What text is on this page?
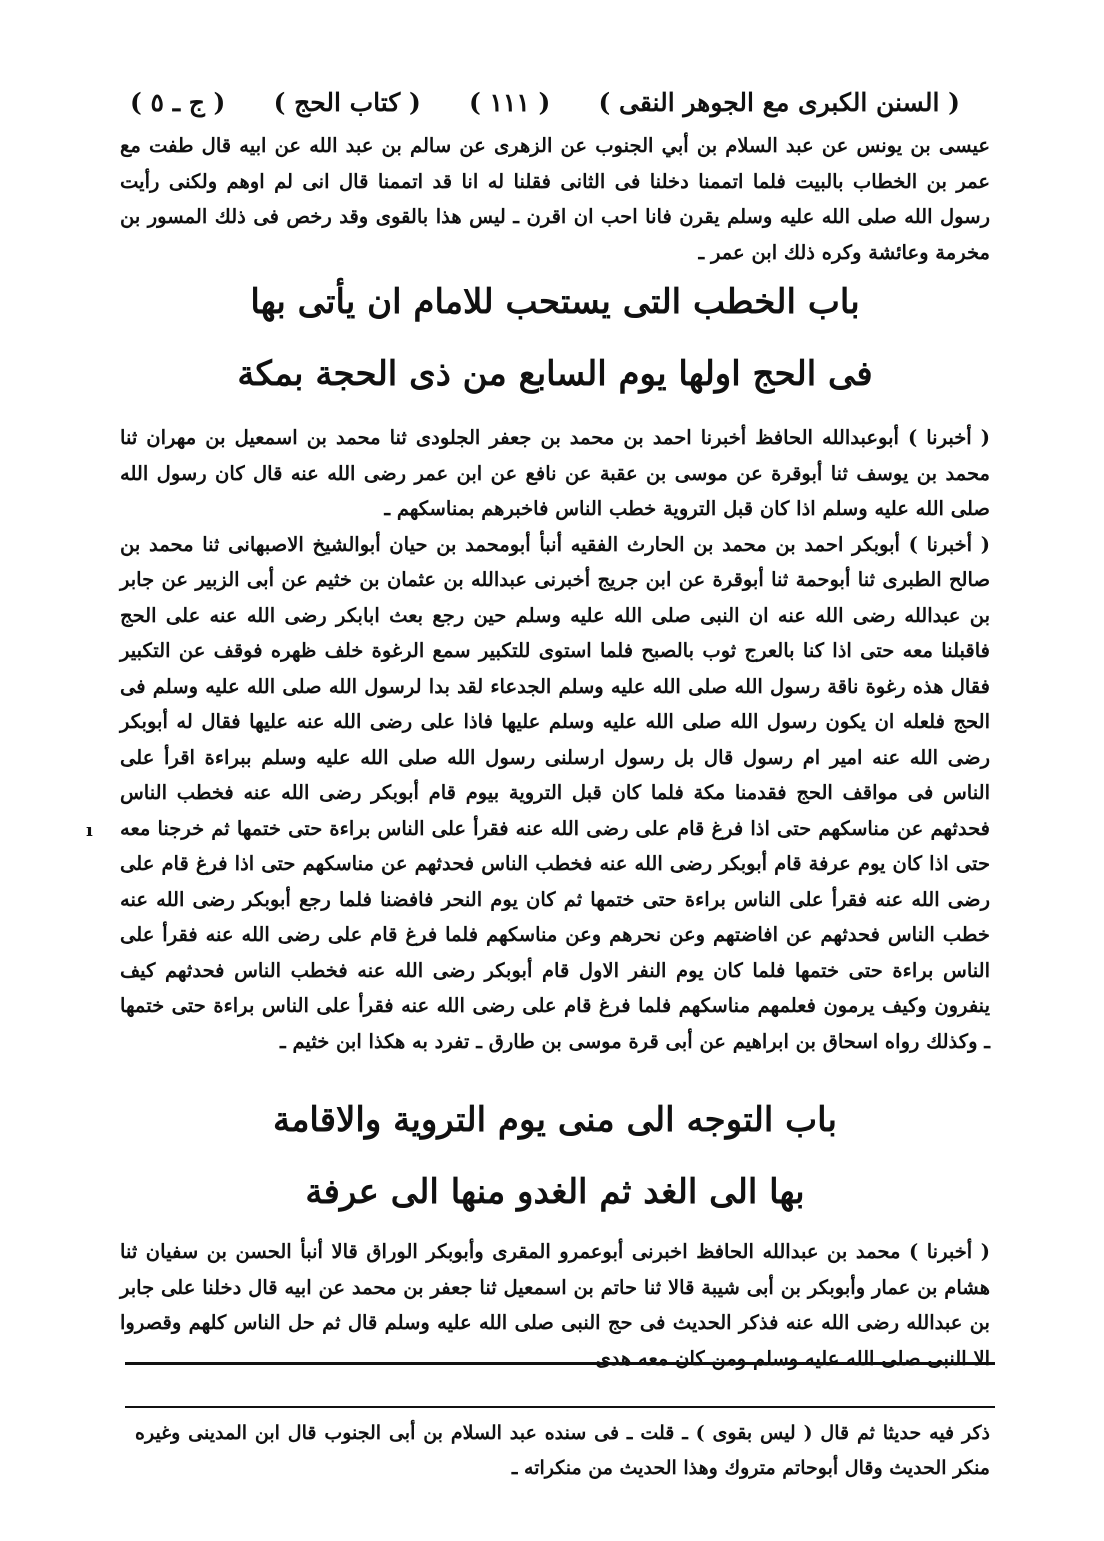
( السنن الكبرى مع الجوهر النقى )
( ١١١ )
( كتاب الحج )
( ج ـ ٥ )

عيسى بن يونس عن عبد السلام بن أبي الجنوب عن الزهرى عن سالم بن عبد الله عن ابيه قال طفت مع عمر بن الخطاب بالبيت فلما اتممنا دخلنا فى الثانى فقلنا له انا قد اتممنا قال انى لم اوهم ولكنى رأيت رسول الله صلى الله عليه وسلم يقرن فانا احب ان اقرن ـ ليس هذا بالقوى وقد رخص فى ذلك المسور بن مخرمة وعائشة وكره ذلك ابن عمر ـ

باب الخطب التى يستحب للامام ان يأتى بها
فى الحج اولها يوم السابع من ذى الحجة بمكة

( أخبرنا ) أبوعبدالله الحافظ أخبرنا احمد بن محمد بن جعفر الجلودى ثنا محمد بن اسمعيل بن مهران ثنا محمد بن يوسف ثنا أبوقرة عن موسى بن عقبة عن نافع عن ابن عمر رضى الله عنه قال كان رسول الله صلى الله عليه وسلم اذا كان قبل التروية خطب الناس فاخبرهم بمناسكهم ـ

( أخبرنا ) أبوبكر احمد بن محمد بن الحارث الفقيه أنبأ أبومحمد بن حيان أبوالشيخ الاصبهانى ثنا محمد بن صالح الطبرى ثنا أبوحمة ثنا أبوقرة عن ابن جريج أخبرنى عبدالله بن عثمان بن خثيم عن أبى الزبير عن جابر بن عبدالله رضى الله عنه ان النبى صلى الله عليه وسلم حين رجع بعث ابابكر رضى الله عنه على الحج فاقبلنا معه حتى اذا كنا بالعرج ثوب بالصبح فلما استوى للتكبير سمع الرغوة خلف ظهره فوقف عن التكبير فقال هذه رغوة ناقة رسول الله صلى الله عليه وسلم الجدعاء لقد بدا لرسول الله صلى الله عليه وسلم فى الحج فلعله ان يكون رسول الله صلى الله عليه وسلم عليها فاذا على رضى الله عنه عليها فقال له أبوبكر رضى الله عنه امير ام رسول قال بل رسول ارسلنى رسول الله صلى الله عليه وسلم ببراءة اقرأ على الناس فى مواقف الحج فقدمنا مكة فلما كان قبل التروية بيوم قام أبوبكر رضى الله عنه فخطب الناس فحدثهم عن مناسكهم حتى اذا فرغ قام على رضى الله عنه فقرأ على الناس براءة حتى ختمها ثم خرجنا معه حتى اذا كان يوم عرفة قام أبوبكر رضى الله عنه فخطب الناس فحدثهم عن مناسكهم حتى اذا فرغ قام على رضى الله عنه فقرأ على الناس براءة حتى ختمها ثم كان يوم النحر فافضنا فلما رجع أبوبكر رضى الله عنه خطب الناس فحدثهم عن افاضتهم وعن نحرهم وعن مناسكهم فلما فرغ قام على رضى الله عنه فقرأ على الناس براءة حتى ختمها فلما كان يوم النفر الاول قام أبوبكر رضى الله عنه فخطب الناس فحدثهم كيف ينفرون وكيف يرمون فعلمهم مناسكهم فلما فرغ قام على رضى الله عنه فقرأ على الناس براءة حتى ختمها ـ وكذلك رواه اسحاق بن ابراهيم عن أبى قرة موسى بن طارق ـ تفرد به هكذا ابن خثيم ـ

ı
باب التوجه الى منى يوم التروية والاقامة
بها الى الغد ثم الغدو منها الى عرفة

( أخبرنا ) محمد بن عبدالله الحافظ اخبرنى أبوعمرو المقرى وأبوبكر الوراق قالا أنبأ الحسن بن سفيان ثنا هشام بن عمار وأبوبكر بن أبى شيبة قالا ثنا حاتم بن اسمعيل ثنا جعفر بن محمد عن ابيه قال دخلنا على جابر بن عبدالله رضى الله عنه فذكر الحديث فى حج النبى صلى الله عليه وسلم قال ثم حل الناس كلهم وقصروا الا النبى صلى الله عليه وسلم ومن كان معه هدى

ذكر فيه حديثا ثم قال ( ليس بقوى ) ـ قلت ـ فى سنده عبد السلام بن أبى الجنوب قال ابن المدينى وغيره منكر الحديث وقال أبوحاتم متروك وهذا الحديث من منكراته ـ
